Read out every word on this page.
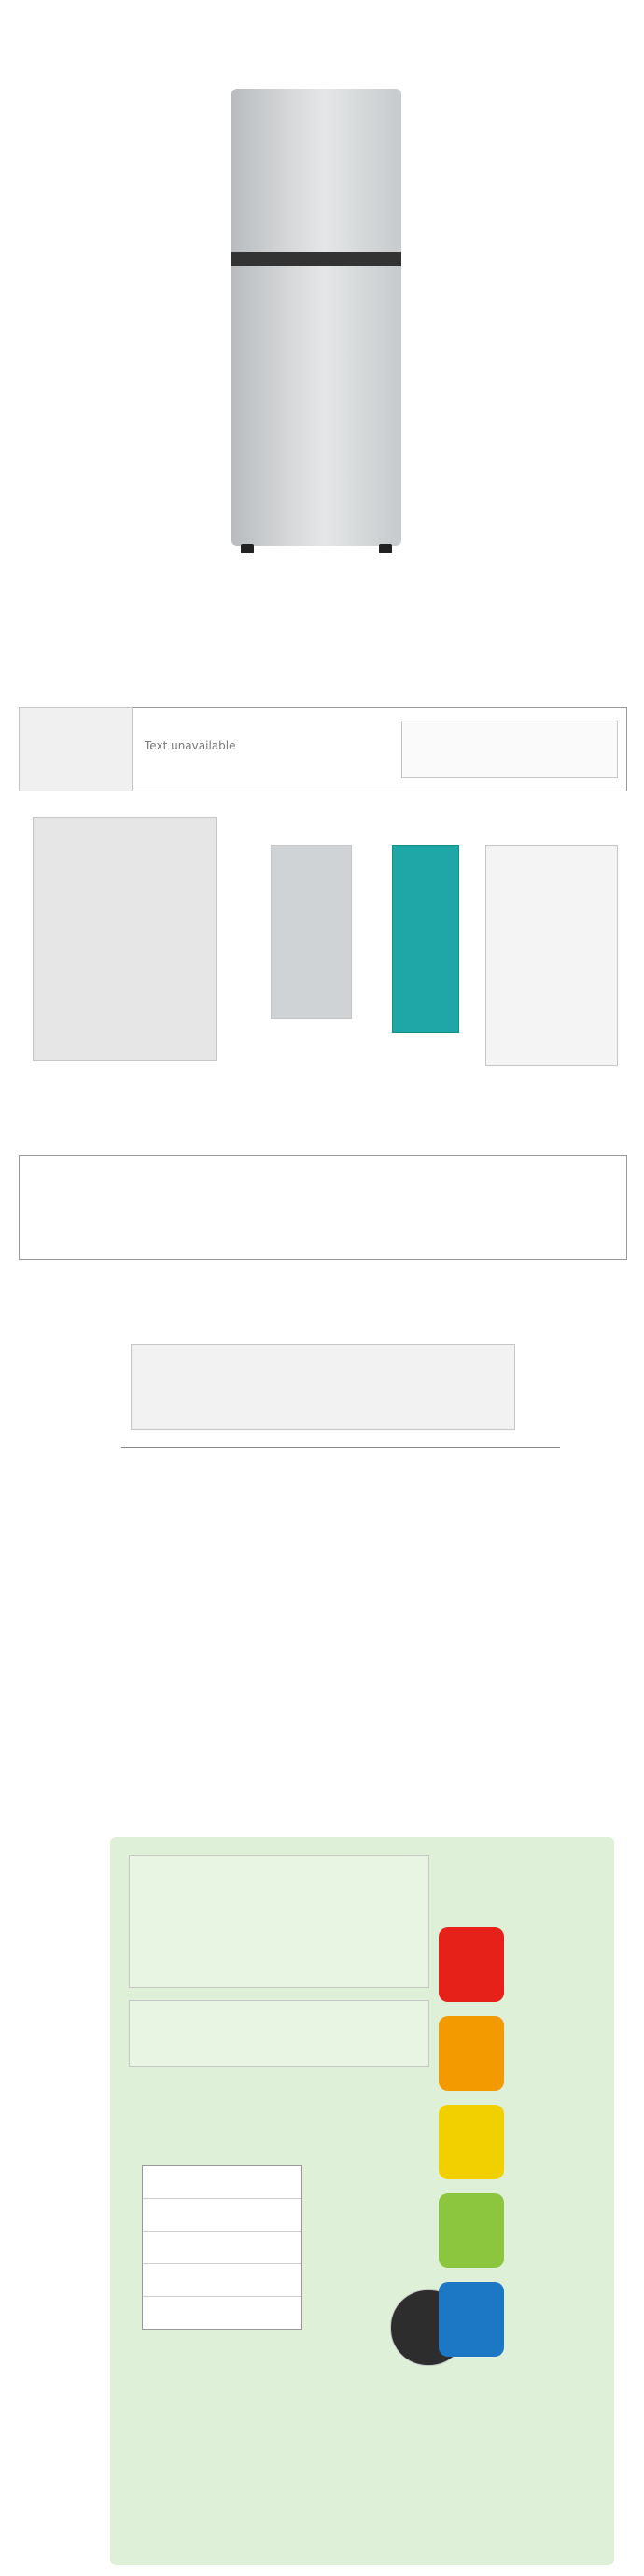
Text unavailable
